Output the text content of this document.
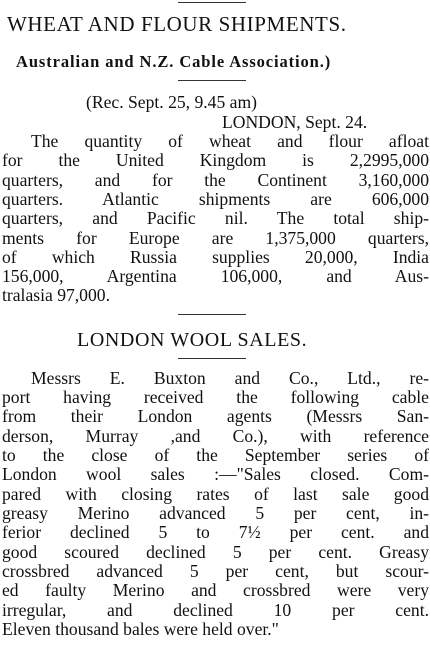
WHEAT AND FLOUR SHIPMENTS.
Australian and N.Z. Cable Association.)
(Rec. Sept. 25, 9.45 am)
LONDON, Sept. 24.
The quantity of wheat and flour afloat
for the United Kingdom is 2,2995,000
quarters, and for the Continent 3,160,000
quarters. Atlantic shipments are 606,000
quarters, and Pacific nil. The total ship-
ments for Europe are 1,375,000 quarters,
of which Russia supplies 20,000, India
156,000, Argentina 106,000, and Aus-
tralasia 97,000.
LONDON WOOL SALES.
Messrs E. Buxton and Co., Ltd., re-
port having received the following cable
from their London agents (Messrs San-
derson, Murray ,and Co.), with reference
to the close of the September series of
London wool sales :—"Sales closed. Com-
pared with closing rates of last sale good
greasy Merino advanced 5 per cent, in-
ferior declined 5 to 7½ per cent. and
good scoured declined 5 per cent. Greasy
crossbred advanced 5 per cent, but scour-
ed faulty Merino and crossbred were very
irregular, and declined 10 per cent.
Eleven thousand bales were held over."
